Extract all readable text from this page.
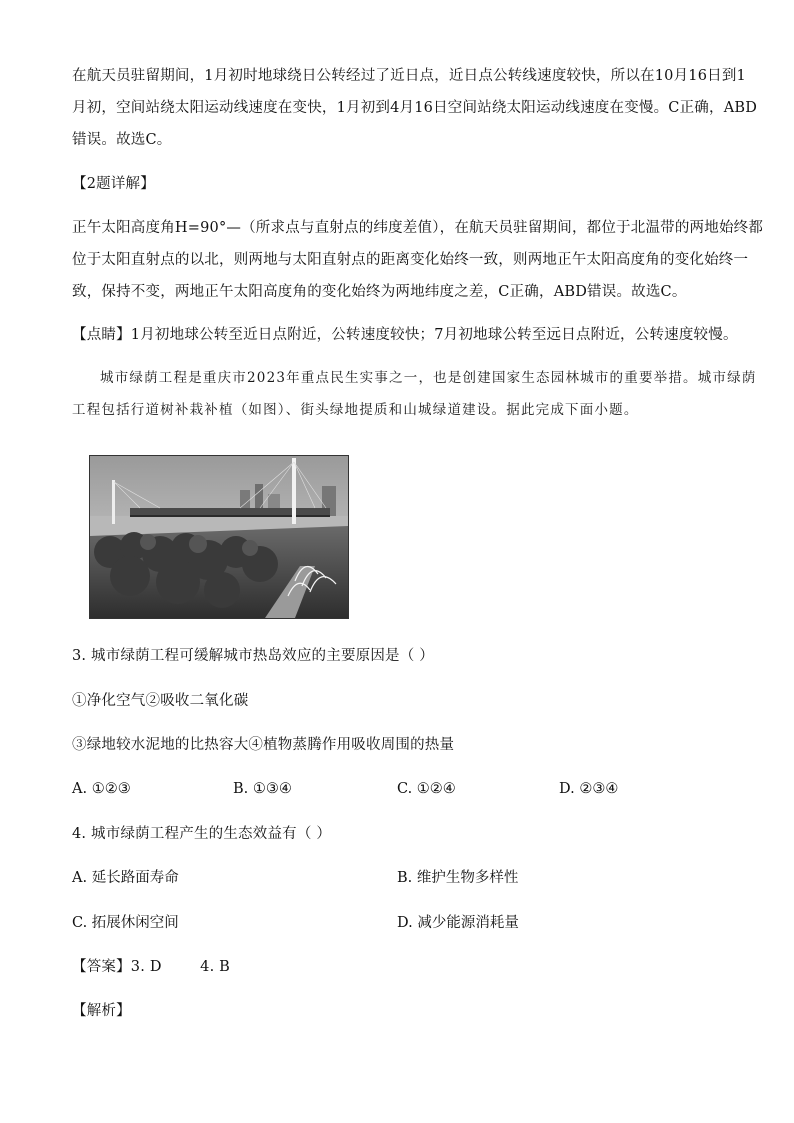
在航天员驻留期间，1月初时地球绕日公转经过了近日点，近日点公转线速度较快，所以在10月16日到1
月初，空间站绕太阳运动线速度在变快，1月初到4月16日空间站绕太阳运动线速度在变慢。C正确，ABD
错误。故选C。
【2题详解】
正午太阳高度角H=90°—（所求点与直射点的纬度差值），在航天员驻留期间，都位于北温带的两地始终都
位于太阳直射点的以北，则两地与太阳直射点的距离变化始终一致，则两地正午太阳高度角的变化始终一
致，保持不变，两地正午太阳高度角的变化始终为两地纬度之差，C正确，ABD错误。故选C。
【点睛】1月初地球公转至近日点附近，公转速度较快；7月初地球公转至远日点附近，公转速度较慢。
城市绿荫工程是重庆市2023年重点民生实事之一，也是创建国家生态园林城市的重要举措。城市绿荫
工程包括行道树补栽补植（如图）、街头绿地提质和山城绿道建设。据此完成下面小题。
3. 城市绿荫工程可缓解城市热岛效应的主要原因是（ ）
①净化空气②吸收二氧化碳
③绿地较水泥地的比热容大④植物蒸腾作用吸收周围的热量
A. ①②③	B. ①③④	C. ①②④	D. ②③④
4. 城市绿荫工程产生的生态效益有（ ）
A. 延长路面寿命	B. 维护生物多样性
C. 拓展休闲空间	D. 减少能源消耗量
【答案】3. D        4. B
【解析】
